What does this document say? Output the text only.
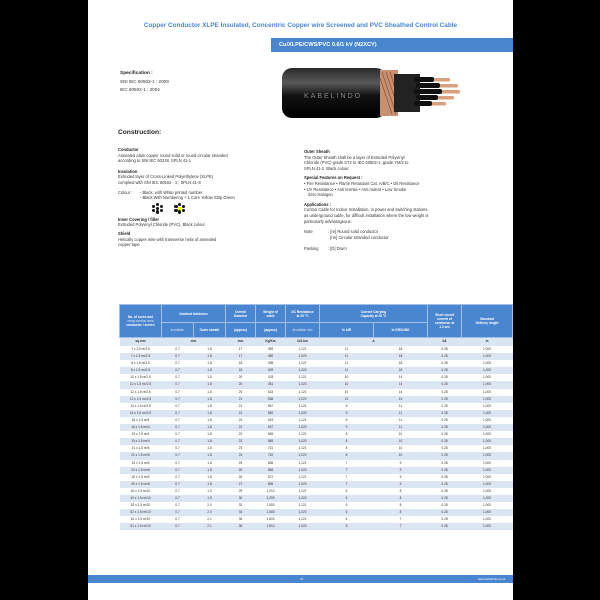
Copper Conductor XLPE Insulated, Concentric Copper wire Screened and PVC Sheathed Control Cable
Cu/XLPE/CWS/PVC 0.6/1 kV (N2XCY)
Specification :
SNI IEC 60502-1 : 2009
IEC 60502-1 : 2004
KABELINDO
Construction:

Conductor

Annealed plain copper round solid or round circular stranded

according to SNI IEC 60228, SPLN 41-1

Insulation

Extruded layer of Cross-Linked Polyethylene (XLPE)

complied with SNI IEC 60502 - 1 ; SPLN 41-9

Colour :	- Black, with White printed number

- Black With Numbering + 1 Core Yellow Strip Green

Inner Covering / filler

Extruded Polyvinyl Chloride (PVC), Black colour

Shield

Helically copper wire with transverse helix of annealed

copper tape

Outer Sheath

The Outer Sheath shall be a layer of Extruded Polyvinyl

Chloride (PVC) grade ST2 to IEC 60502-1, grade YM/2 to

SPLN 41-2. Black colour.

Special Features on Request :

• Fire Resistance • Flame Retardant Cat. A/B/C • Oil Resistance

• UV Resistance • Anti termite • Anti rodent • Low Smoke

Zero Halogen

Applications :

Control Cable for Indoor Installation, in power and switching stations.

as underground cable, for difficult installation where the low weight is

particularly advantageous.

Note	: [re] Round solid conductor

[rm] Circular stranded conductor

Packing	: [D] Drum
No. of cores and
cross-section area
conductor / screen
	Nominal thickness	Overall
Diameter

Weight of
cable

DC Resistance
at 20 °C

Current Carrying
Capacity at 30 °C	Short circuit
current of
conductor at
1.0 sec

Standard
Delivery length

	Insulation	Outer sheath	(approx)	(approx)	Insulation min	In AIR	In GROUND		
sq.mm	mm		mm	Kg/Km	Ω/2.km	A		kA	m
7 x 1.5 re/2.5	0.7	1.8	17	359	1,121	11	18	0.28	1,000
7 x 1.5 rm/2.5	0.7	1.8	17	380	1,020	11	18	0.28	1,000
8 x 1.5 re/2.5	0.7	1.8	18	398	1,121	11	18	0.28	1,000
8 x 1.5 rm/2.5	0.7	1.8	18	409	1,020	11	18	0.28	1,000
10 x 1.5 re/2.5	0.7	1.8	20	478	1,121	10	14	0.28	1,000
10 x 1.5 rm/2.5	0.7	1.8	20	481	1,020	10	14	0.28	1,000
12 x 1.5 re/2.5	0.7	1.8	20	523	1,121	10	14	0.28	1,000
12 x 1.5 rm/2.5	0.7	1.8	21	538	1,020	10	14	0.28	1,000
14 x 1.5 re/2.5	0.7	1.8	21	567	1,121	9	11	0.28	1,000
14 x 1.5 rm/2.5	0.7	1.8	21	582	1,020	9	11	0.28	1,000
16 x 1.5 re/4	0.7	1.8	22	619	1,121	9	11	0.28	1,000
16 x 1.5 rm/4	0.7	1.8	22	637	1,020	9	11	0.28	1,000
19 x 1.5 re/4	0.7	1.8	22	665	1,121	8	10	0.28	1,000
19 x 1.5 rm/4	0.7	1.8	22	689	1,020	8	10	0.28	1,000
21 x 1.5 re/6	0.7	1.8	23	731	1,121	8	10	0.28	1,000
21 x 1.5 rm/6	0.7	1.8	24	752	1,020	8	10	0.28	1,000
24 x 1.5 re/6	0.7	1.8	25	836	1,121	7	9	0.28	1,000
24 x 1.5 rm/6	0.7	1.8	26	868	1,020	7	9	0.28	1,000
30 x 1.5 re/6	0.7	1.8	26	872	1,121	7	9	0.28	1,000
30 x 1.5 rm/6	0.7	1.8	27	895	1,020	7	9	0.28	1,000
40 x 1.5 re/10	0.7	1.9	29	1,210	1,121	6	8	0.28	1,000
40 x 1.5 rm/10	0.7	1.9	30	1,209	1,020	6	8	0.28	1,000
52 x 1.5 re/10	0.7	2.0	32	1,553	1,121	6	8	0.28	1,000
52 x 1.5 rm/10	0.7	2.0	34	1,583	1,020	6	8	0.28	1,000
61 x 1.5 re/10	0.7	2.1	35	1,803	1,121	5	7	0.28	1,000
61 x 1.5 rm/10	0.7	2.1	36	1,810	1,020	5	7	0.28	1,000
47	www.kabelindo.co.id
